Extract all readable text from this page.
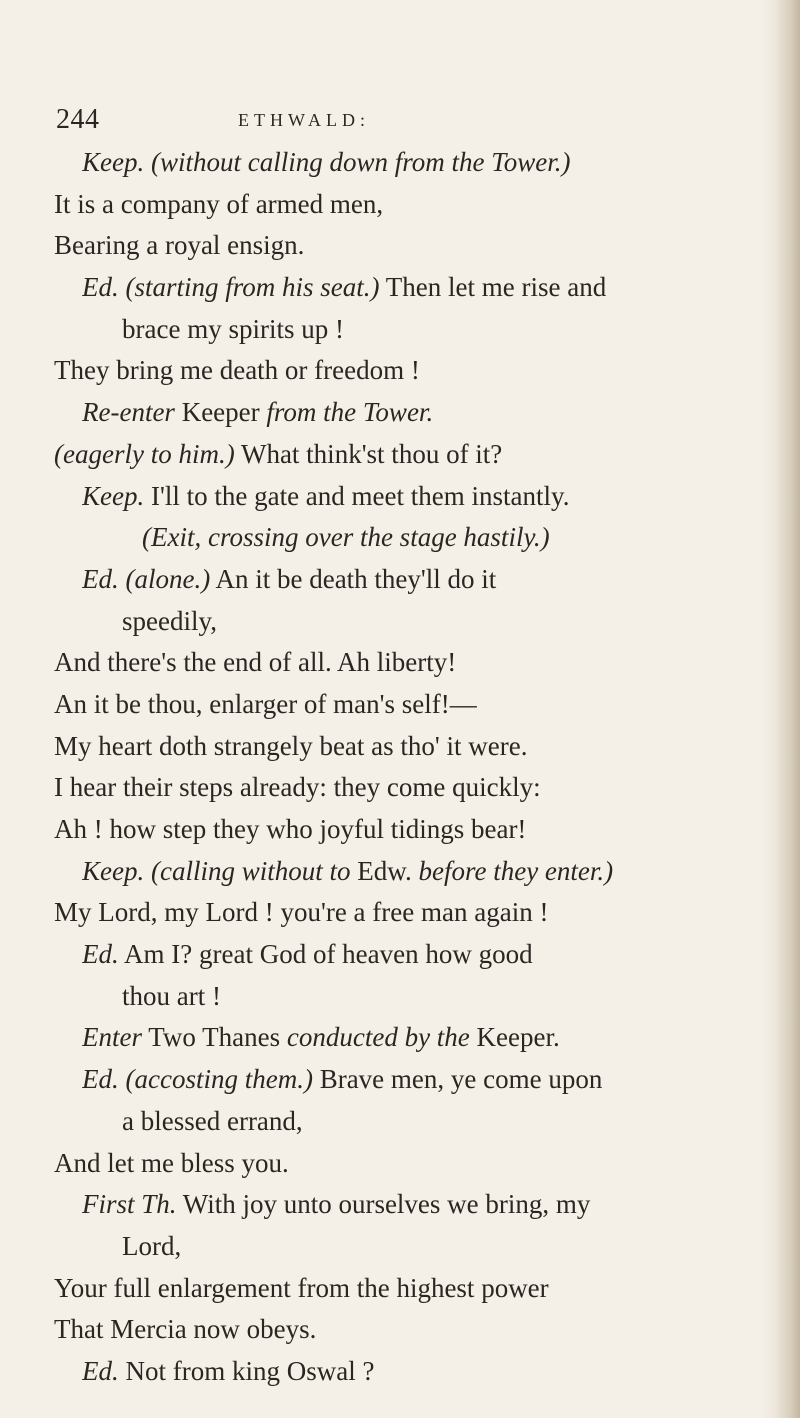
244	ETHWALD:
Keep. (without calling down from the Tower.)
It is a company of armed men,
Bearing a royal ensign.
Ed. (starting from his seat.) Then let me rise and
brace my spirits up !
They bring me death or freedom !
Re-enter Keeper from the Tower.
(eagerly to him.) What think'st thou of it?
Keep. I'll to the gate and meet them instantly.
(Exit, crossing over the stage hastily.)
Ed. (alone.) An it be death they'll do it
speedily,
And there's the end of all. Ah liberty!
An it be thou, enlarger of man's self!—
My heart doth strangely beat as tho' it were.
I hear their steps already: they come quickly:
Ah ! how step they who joyful tidings bear!
Keep. (calling without to Edw. before they enter.)
My Lord, my Lord ! you're a free man again !
Ed. Am I? great God of heaven how good
thou art !
Enter Two Thanes conducted by the Keeper.
Ed. (accosting them.) Brave men, ye come upon
a blessed errand,
And let me bless you.
First Th. With joy unto ourselves we bring, my
Lord,
Your full enlargement from the highest power
That Mercia now obeys.
Ed. Not from king Oswal ?
